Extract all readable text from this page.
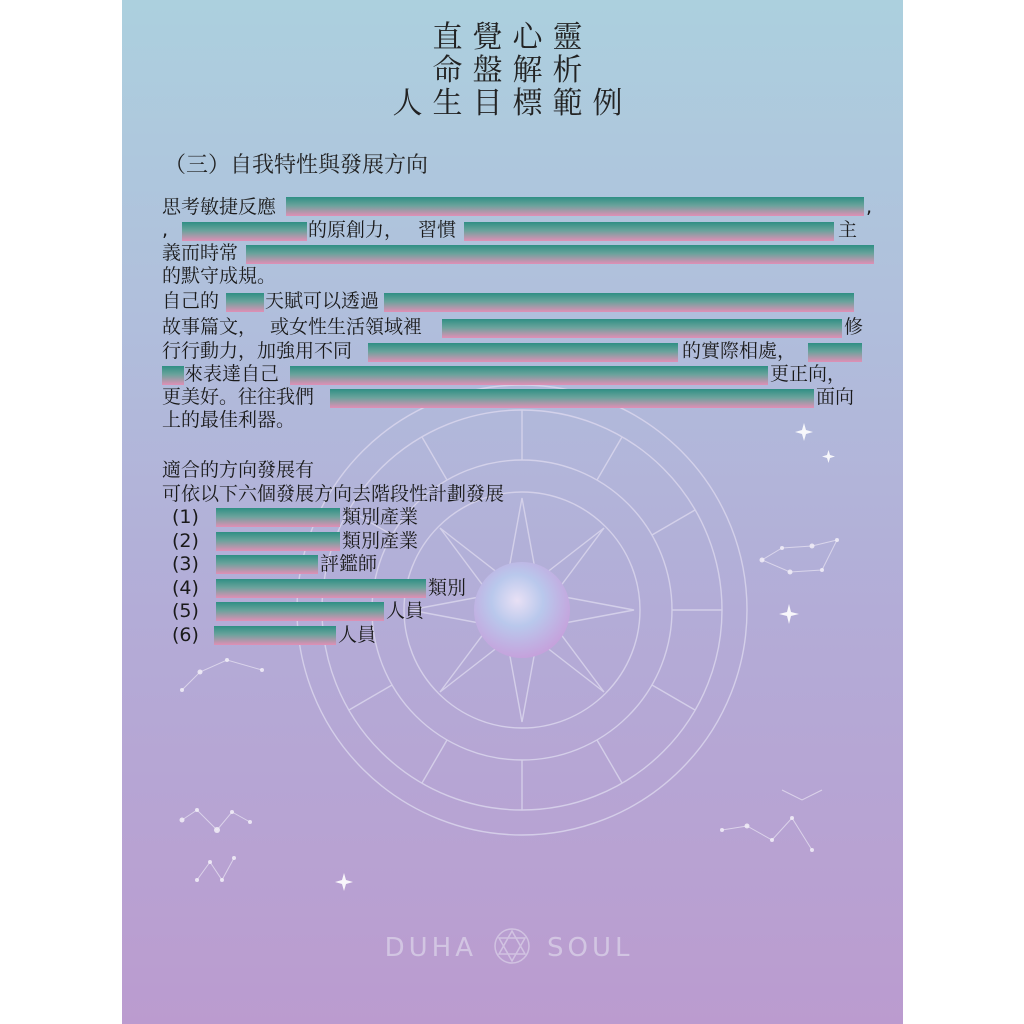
直覺心靈
命盤解析
人生目標範例
（三）自我特性與發展方向
思考敏捷反應	,
,	的原創力， 習慣	主
義而時常
的默守成規。
自己的 天賦可以透過
故事篇文， 或女性生活領域裡	修
行行動力，加強用不同	的實際相處，
來表達自己	更正向，
更美好。往往我們	面向
上的最佳利器。

適合的方向發展有

可依以下六個發展方向去階段性計劃發展

(1)	類別產業
(2)	類別產業
(3)	評鑑師
(4)	類別
(5)	人員
(6)	人員
DUHA	SOUL
